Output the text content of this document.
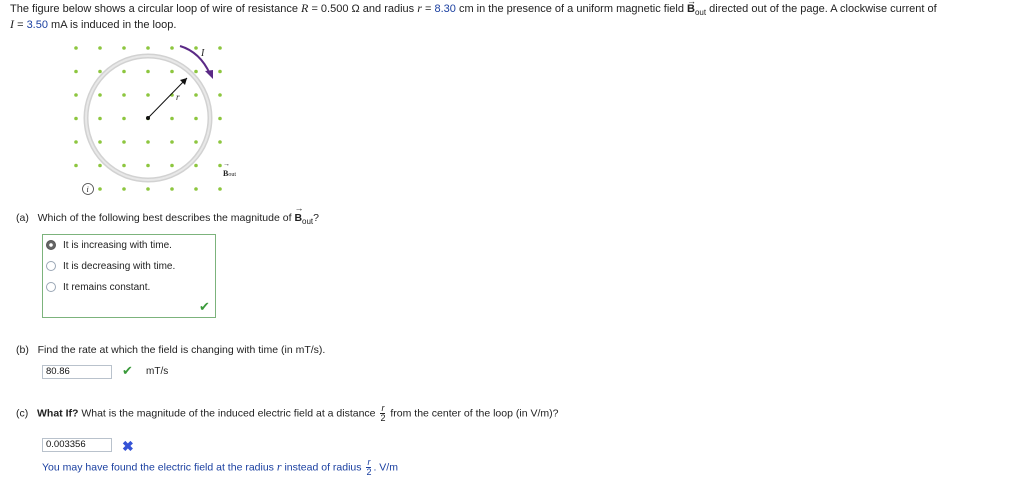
The figure below shows a circular loop of wire of resistance R = 0.500 Ω and radius r = 8.30 cm in the presence of a uniform magnetic field → $B_{out}$ directed out of the page. A clockwise current of
I = 3.50 mA is induced in the loop.
r
I
Bout
→
i
(a) Which of the following best describes the magnitude of → $B_{out}$?
It is increasing with time.
It is decreasing with time.
It remains constant.
✔
(b) Find the rate at which the field is changing with time (in mT/s).
80.86	✔ mT/s
(c) What If? What is the magnitude of the induced electric field at a distance $\frac{r}{2}$ from the center of the loop (in V/m)?
0.003356	✖
You may have found the electric field at the radius r instead of radius $\frac{r}{2}$ . V/m
